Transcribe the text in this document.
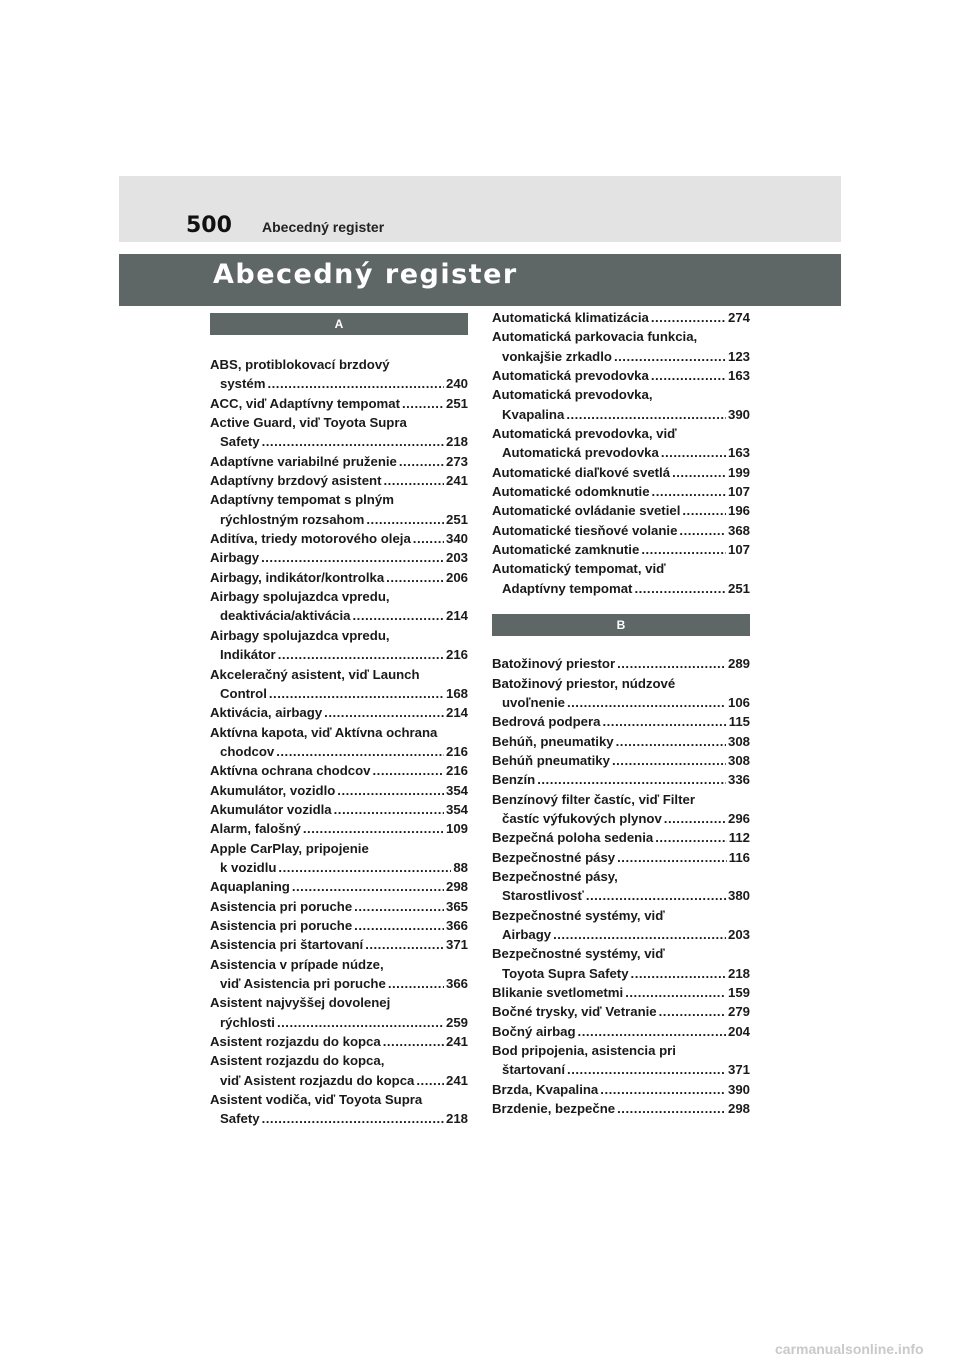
500 Abecedný register
Abecedný register
A
ABS, protiblokovací brzdový
systém .....	240
ACC, viď Adaptívny tempomat .....	251
Active Guard, viď Toyota Supra
Safety .....	218
Adaptívne variabilné pruženie .....	273
Adaptívny brzdový asistent .....	241
Adaptívny tempomat s plným
rýchlostným rozsahom .....	251
Aditíva, triedy motorového oleja .....	340
Airbagy .....	203
Airbagy, indikátor/kontrolka .....	206
Airbagy spolujazdca vpredu,
deaktivácia/aktivácia .....	214
Airbagy spolujazdca vpredu,
Indikátor .....	216
Akceleračný asistent, viď Launch
Control .....	168
Aktivácia, airbagy .....	214
Aktívna kapota, viď Aktívna ochrana
chodcov .....	216
Aktívna ochrana chodcov .....	216
Akumulátor, vozidlo .....	354
Akumulátor vozidla .....	354
Alarm, falošný .....	109
Apple CarPlay, pripojenie
k vozidlu .....	88
Aquaplaning .....	298
Asistencia pri poruche .....	365
Asistencia pri poruche .....	366
Asistencia pri štartovaní .....	371
Asistencia v prípade núdze,
viď Asistencia pri poruche .....	366
Asistent najvyššej dovolenej
rýchlosti .....	259
Asistent rozjazdu do kopca .....	241
Asistent rozjazdu do kopca,
viď Asistent rozjazdu do kopca ..... 241
Asistent vodiča, viď Toyota Supra
Safety .....	218
Automatická klimatizácia .....	274
Automatická parkovacia funkcia,
vonkajšie zrkadlo .....	123
Automatická prevodovka .....	163
Automatická prevodovka,
Kvapalina .....	390
Automatická prevodovka, viď
Automatická prevodovka .....	163
Automatické diaľkové svetlá .....	199
Automatické odomknutie .....	107
Automatické ovládanie svetiel .....	196
Automatické tiesňové volanie .....	368
Automatické zamknutie .....	107
Automatický tempomat, viď
Adaptívny tempomat .....	251
B
Batožinový priestor .....	289
Batožinový priestor, núdzové
uvoľnenie .....	106
Bedrová podpera .....	115
Behúň, pneumatiky .....	308
Behúň pneumatiky .....	308
Benzín .....	336
Benzínový filter častíc, viď Filter
častíc výfukových plynov .....	296
Bezpečná poloha sedenia .....	112
Bezpečnostné pásy .....	116
Bezpečnostné pásy,
Starostlivosť .....	380
Bezpečnostné systémy, viď
Airbagy .....	203
Bezpečnostné systémy, viď
Toyota Supra Safety .....	218
Blikanie svetlometmi .....	159
Bočné trysky, viď Vetranie .....	279
Bočný airbag .....	204
Bod pripojenia, asistencia pri
štartovaní .....	371
Brzda, Kvapalina .....	390
Brzdenie, bezpečne .....	298
carmanualsonline.info
